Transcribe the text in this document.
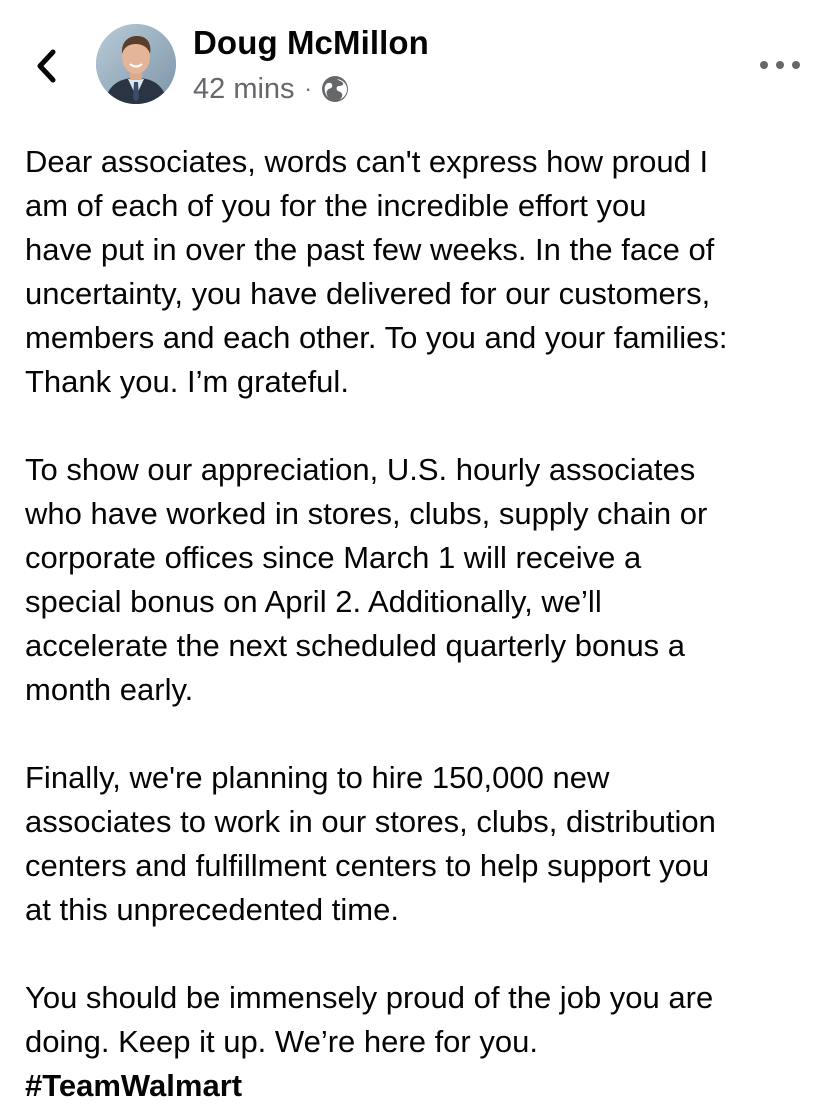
Doug McMillon
42 mins ·

Dear associates, words can't express how proud I
am of each of you for the incredible effort you
have put in over the past few weeks. In the face of
uncertainty, you have delivered for our customers,
members and each other. To you and your families:
Thank you. I’m grateful.

To show our appreciation, U.S. hourly associates
who have worked in stores, clubs, supply chain or
corporate offices since March 1 will receive a
special bonus on April 2. Additionally, we’ll
accelerate the next scheduled quarterly bonus a
month early.

Finally, we're planning to hire 150,000 new
associates to work in our stores, clubs, distribution
centers and fulfillment centers to help support you
at this unprecedented time.

You should be immensely proud of the job you are
doing. Keep it up. We’re here for you.

#TeamWalmart
